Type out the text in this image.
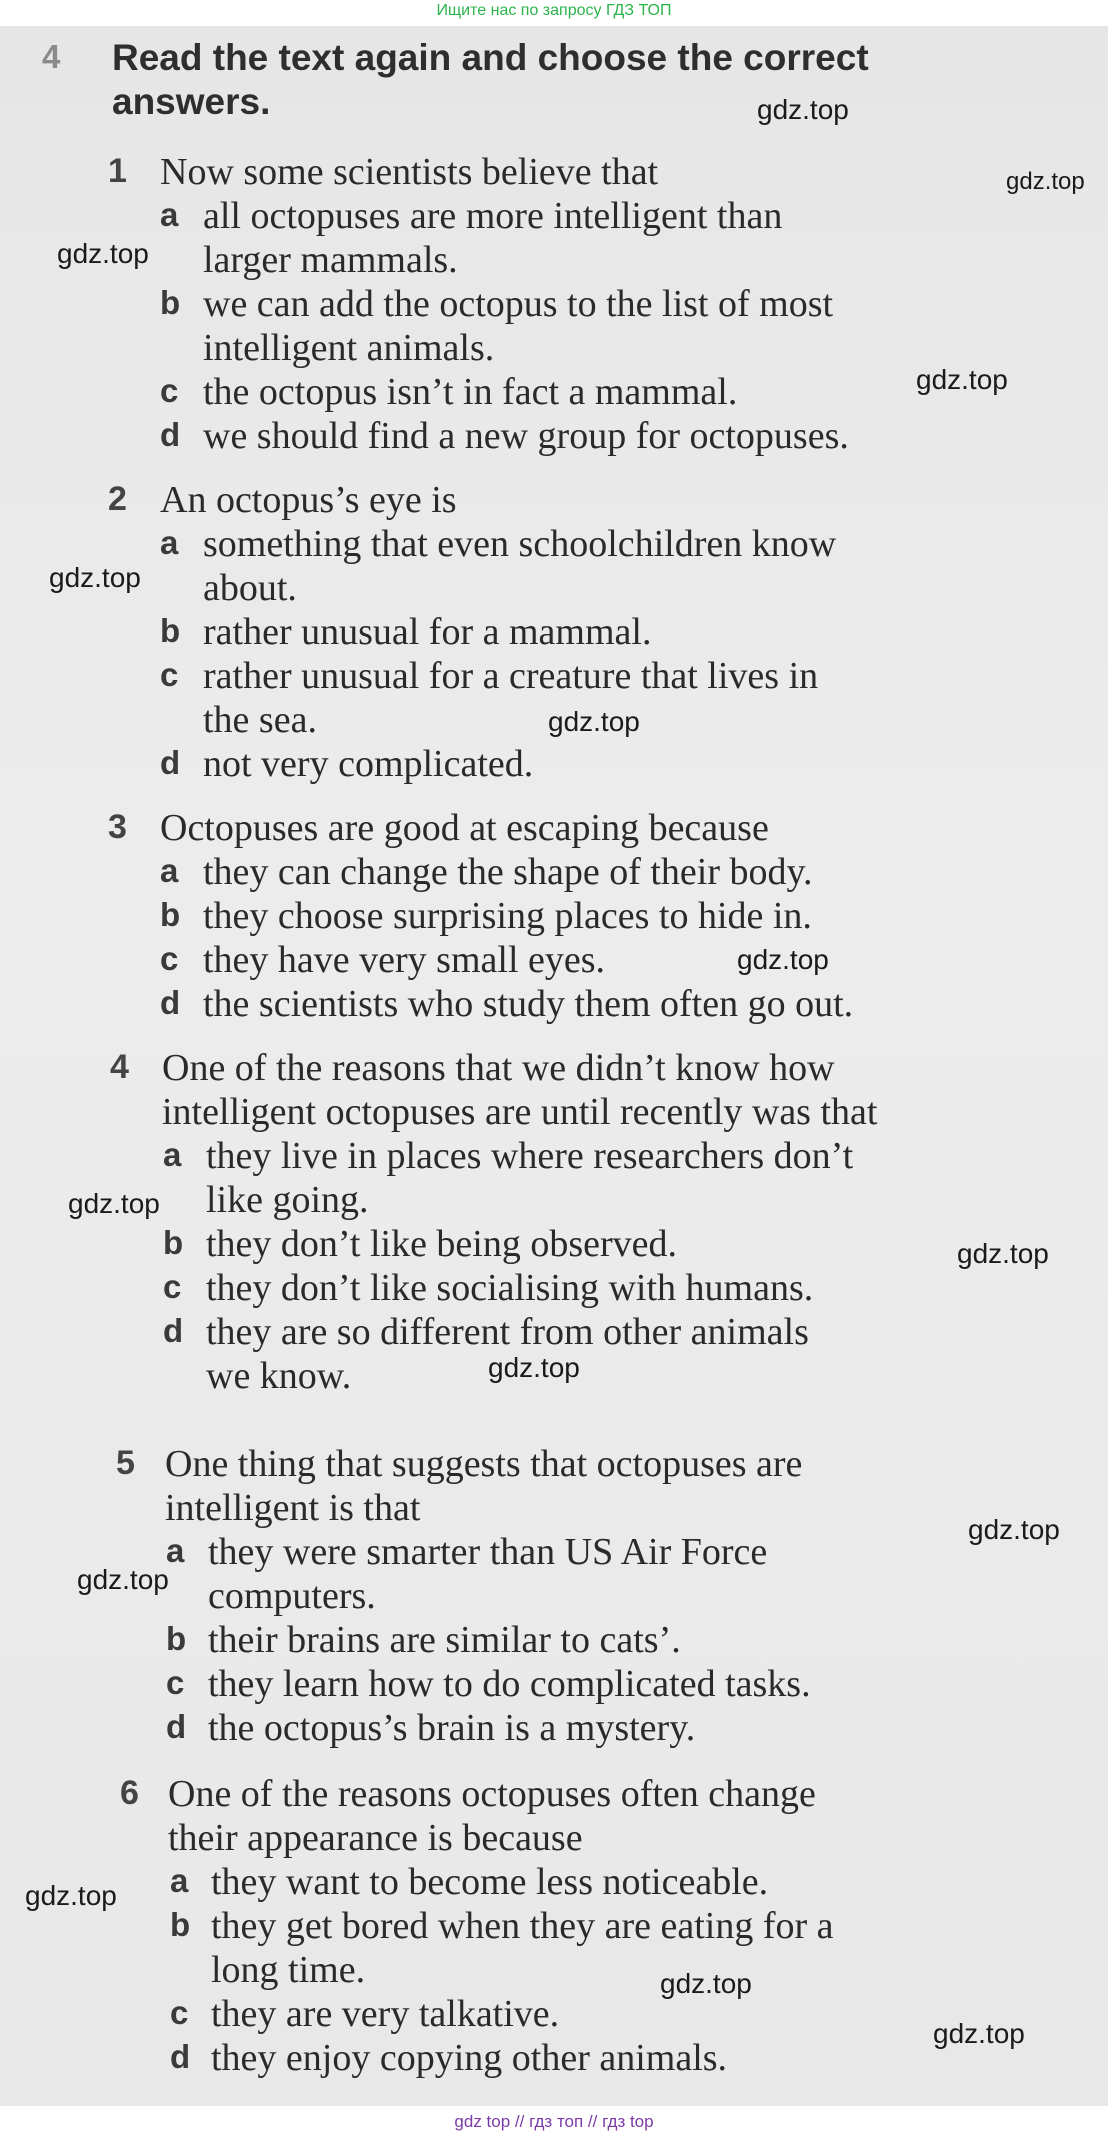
Ищите нас по запросу ГДЗ ТОП
4 Read the text again and choose the correct
answers.
1 Now some scientists believe that
a all octopuses are more intelligent than
larger mammals.
b we can add the octopus to the list of most
intelligent animals.
c the octopus isn’t in fact a mammal.
d we should find a new group for octopuses.
2 An octopus’s eye is
a something that even schoolchildren know
about.
b rather unusual for a mammal.
c rather unusual for a creature that lives in
the sea.
d not very complicated.
3 Octopuses are good at escaping because
a they can change the shape of their body.
b they choose surprising places to hide in.
c they have very small eyes.
d the scientists who study them often go out.
4 One of the reasons that we didn’t know how
intelligent octopuses are until recently was that
a they live in places where researchers don’t
like going.
b they don’t like being observed.
c they don’t like socialising with humans.
d they are so different from other animals
we know.
5 One thing that suggests that octopuses are
intelligent is that
a they were smarter than US Air Force
computers.
b their brains are similar to cats’.
c they learn how to do complicated tasks.
d the octopus’s brain is a mystery.
6 One of the reasons octopuses often change
their appearance is because
a they want to become less noticeable.
b they get bored when they are eating for a
long time.
c they are very talkative.
d they enjoy copying other animals.
gdz.top
gdz.top
gdz.top
gdz.top
gdz.top
gdz.top
gdz.top
gdz.top
gdz.top
gdz.top
gdz.top
gdz.top
gdz.top
gdz.top
gdz.top
gdz top // гдз топ // гдз top
